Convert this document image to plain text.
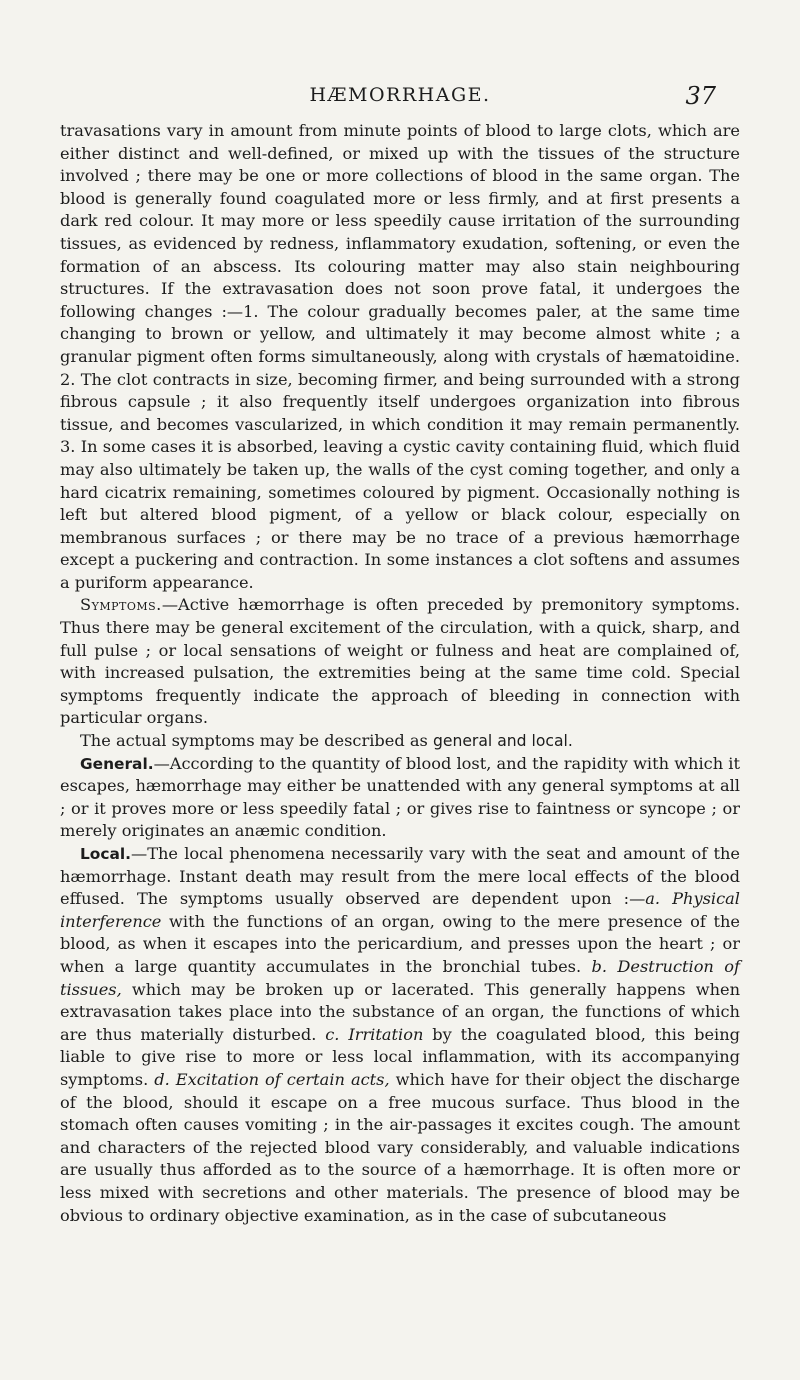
HÆMORRHAGE.	37

travasations vary in amount from minute points of blood to large clots, which are either distinct and well-defined, or mixed up with the tissues of the structure involved ; there may be one or more collections of blood in the same organ. The blood is generally found coagulated more or less firmly, and at first presents a dark red colour. It may more or less speedily cause irritation of the surrounding tissues, as evidenced by redness, inflammatory exudation, softening, or even the formation of an abscess. Its colouring matter may also stain neighbouring structures. If the extravasation does not soon prove fatal, it undergoes the following changes :—1. The colour gradually becomes paler, at the same time changing to brown or yellow, and ultimately it may become almost white ; a granular pigment often forms simultaneously, along with crystals of hæmatoidine. 2. The clot contracts in size, becoming firmer, and being surrounded with a strong fibrous capsule ; it also frequently itself undergoes organization into fibrous tissue, and becomes vascularized, in which condition it may remain permanently. 3. In some cases it is absorbed, leaving a cystic cavity containing fluid, which fluid may also ultimately be taken up, the walls of the cyst coming together, and only a hard cicatrix remaining, sometimes coloured by pigment. Occasionally nothing is left but altered blood pigment, of a yellow or black colour, especially on membranous surfaces ; or there may be no trace of a previous hæmorrhage except a puckering and contraction. In some instances a clot softens and assumes a puriform appearance.

Symptoms.—Active hæmorrhage is often preceded by premonitory symptoms. Thus there may be general excitement of the circulation, with a quick, sharp, and full pulse ; or local sensations of weight or fulness and heat are complained of, with increased pulsation, the extremities being at the same time cold. Special symptoms frequently indicate the approach of bleeding in connection with particular organs.

The actual symptoms may be described as general and local.

General.—According to the quantity of blood lost, and the rapidity with which it escapes, hæmorrhage may either be unattended with any general symptoms at all ; or it proves more or less speedily fatal ; or gives rise to faintness or syncope ; or merely originates an anæmic condition.

Local.—The local phenomena necessarily vary with the seat and amount of the hæmorrhage. Instant death may result from the mere local effects of the blood effused. The symptoms usually observed are dependent upon :—a. Physical interference with the functions of an organ, owing to the mere presence of the blood, as when it escapes into the pericardium, and presses upon the heart ; or when a large quantity accumulates in the bronchial tubes. b. Destruction of tissues, which may be broken up or lacerated. This generally happens when extravasation takes place into the substance of an organ, the functions of which are thus materially disturbed. c. Irritation by the coagulated blood, this being liable to give rise to more or less local inflammation, with its accompanying symptoms. d. Excitation of certain acts, which have for their object the discharge of the blood, should it escape on a free mucous surface. Thus blood in the stomach often causes vomiting ; in the air-passages it excites cough. The amount and characters of the rejected blood vary considerably, and valuable indications are usually thus afforded as to the source of a hæmorrhage. It is often more or less mixed with secretions and other materials. The presence of blood may be obvious to ordinary objective examination, as in the case of subcutaneous
